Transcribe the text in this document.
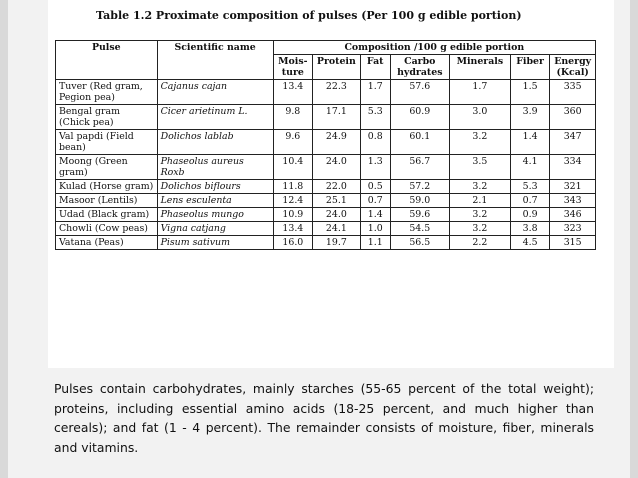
Table 1.2 Proximate composition of pulses (Per 100 g edible portion)
Pulse	Scientific name	Composition /100 g edible portion						
		Mois- ture	Protein	Fat	Carbo hydrates	Minerals	Fiber	Energy (Kcal)
Tuver (Red gram, Pegion pea)	Cajanus cajan	13.4	22.3	1.7	57.6	1.7	1.5	335
Bengal gram (Chick pea)	Cicer arietinum L.	9.8	17.1	5.3	60.9	3.0	3.9	360
Val papdi (Field bean)	Dolichos lablab	9.6	24.9	0.8	60.1	3.2	1.4	347
Moong (Green gram)	Phaseolus aureus Roxb	10.4	24.0	1.3	56.7	3.5	4.1	334
Kulad (Horse gram)	Dolichos biflours	11.8	22.0	0.5	57.2	3.2	5.3	321
Masoor (Lentils)	Lens esculenta	12.4	25.1	0.7	59.0	2.1	0.7	343
Udad (Black gram)	Phaseolus mungo	10.9	24.0	1.4	59.6	3.2	0.9	346
Chowli (Cow peas)	Vigna catjang	13.4	24.1	1.0	54.5	3.2	3.8	323
Vatana (Peas)	Pisum sativum	16.0	19.7	1.1	56.5	2.2	4.5	315
Pulses contain carbohydrates, mainly starches (55-65 percent of the total weight); proteins, including essential amino acids (18-25 percent, and much higher than cereals); and fat (1 - 4 percent). The remainder consists of moisture, fiber, minerals and vitamins.
